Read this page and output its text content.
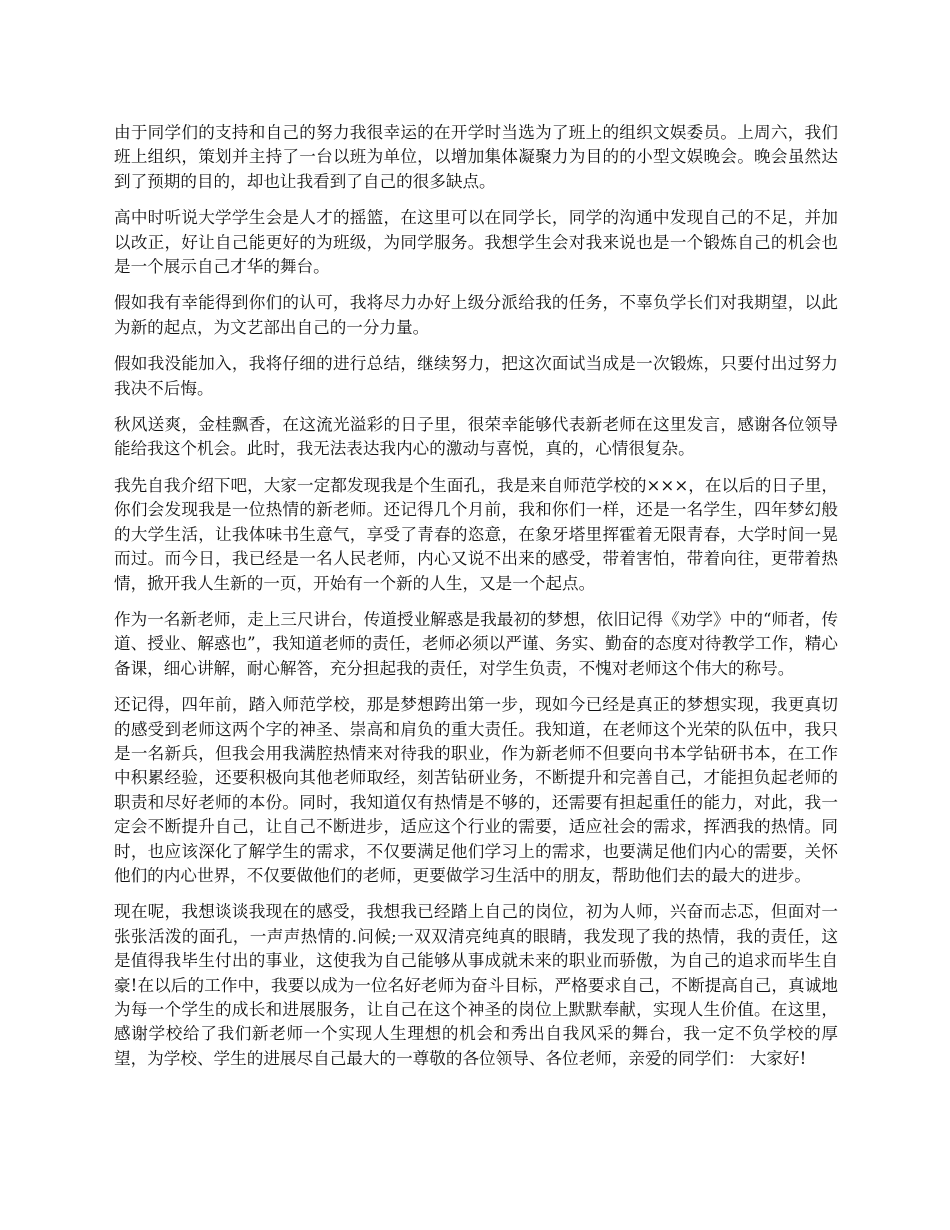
由于同学们的支持和自己的努力我很幸运的在开学时当选为了班上的组织文娱委员。上周六，我们班上组织，策划并主持了一台以班为单位，以增加集体凝聚力为目的的小型文娱晚会。晚会虽然达到了预期的目的，却也让我看到了自己的很多缺点。

高中时听说大学学生会是人才的摇篮，在这里可以在同学长，同学的沟通中发现自己的不足，并加以改正，好让自己能更好的为班级，为同学服务。我想学生会对我来说也是一个锻炼自己的机会也是一个展示自己才华的舞台。

假如我有幸能得到你们的认可，我将尽力办好上级分派给我的任务，不辜负学长们对我期望，以此为新的起点，为文艺部出自己的一分力量。

假如我没能加入，我将仔细的进行总结，继续努力，把这次面试当成是一次锻炼，只要付出过努力我决不后悔。

秋风送爽，金桂飘香，在这流光溢彩的日子里，很荣幸能够代表新老师在这里发言，感谢各位领导能给我这个机会。此时，我无法表达我内心的激动与喜悦，真的，心情很复杂。

我先自我介绍下吧，大家一定都发现我是个生面孔，我是来自师范学校的×××，在以后的日子里，你们会发现我是一位热情的新老师。还记得几个月前，我和你们一样，还是一名学生，四年梦幻般的大学生活，让我体味书生意气，享受了青春的恣意，在象牙塔里挥霍着无限青春，大学时间一晃而过。而今日，我已经是一名人民老师，内心又说不出来的感受，带着害怕，带着向往，更带着热情，掀开我人生新的一页，开始有一个新的人生，又是一个起点。

作为一名新老师，走上三尺讲台，传道授业解惑是我最初的梦想，依旧记得《劝学》中的“师者，传道、授业、解惑也”，我知道老师的责任，老师必须以严谨、务实、勤奋的态度对待教学工作，精心备课，细心讲解，耐心解答，充分担起我的责任，对学生负责，不愧对老师这个伟大的称号。

还记得，四年前，踏入师范学校，那是梦想跨出第一步，现如今已经是真正的梦想实现，我更真切的感受到老师这两个字的神圣、崇高和肩负的重大责任。我知道，在老师这个光荣的队伍中，我只是一名新兵，但我会用我满腔热情来对待我的职业，作为新老师不但要向书本学钻研书本，在工作中积累经验，还要积极向其他老师取经，刻苦钻研业务，不断提升和完善自己，才能担负起老师的职责和尽好老师的本份。同时，我知道仅有热情是不够的，还需要有担起重任的能力，对此，我一定会不断提升自己，让自己不断进步，适应这个行业的需要，适应社会的需求，挥洒我的热情。同时，也应该深化了解学生的需求，不仅要满足他们学习上的需求，也要满足他们内心的需要，关怀他们的内心世界，不仅要做他们的老师，更要做学习生活中的朋友，帮助他们去的最大的进步。

现在呢，我想谈谈我现在的感受，我想我已经踏上自己的岗位，初为人师，兴奋而忐忑，但面对一张张活泼的面孔，一声声热情的.问候;一双双清亮纯真的眼睛，我发现了我的热情，我的责任，这是值得我毕生付出的事业，这使我为自己能够从事成就未来的职业而骄傲，为自己的追求而毕生自豪!在以后的工作中，我要以成为一位名好老师为奋斗目标，严格要求自己，不断提高自己，真诚地为每一个学生的成长和进展服务，让自己在这个神圣的岗位上默默奉献，实现人生价值。在这里，感谢学校给了我们新老师一个实现人生理想的机会和秀出自我风采的舞台，我一定不负学校的厚望，为学校、学生的进展尽自己最大的一尊敬的各位领导、各位老师，亲爱的同学们： 大家好!
